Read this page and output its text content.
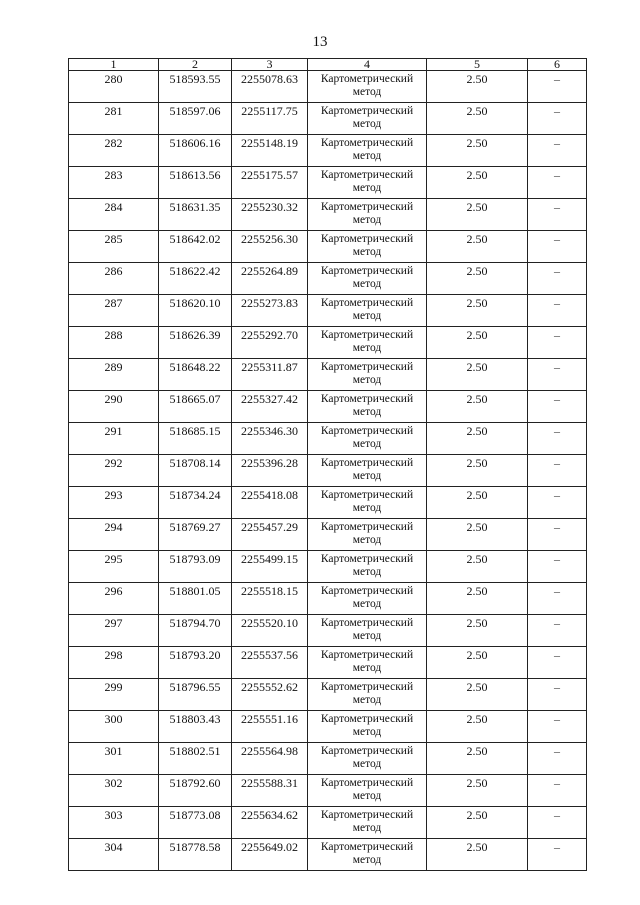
13
1	2	3	4	5	6
280	518593.55	2255078.63	Картометрический метод	2.50	–
281	518597.06	2255117.75	Картометрический метод	2.50	–
282	518606.16	2255148.19	Картометрический метод	2.50	–
283	518613.56	2255175.57	Картометрический метод	2.50	–
284	518631.35	2255230.32	Картометрический метод	2.50	–
285	518642.02	2255256.30	Картометрический метод	2.50	–
286	518622.42	2255264.89	Картометрический метод	2.50	–
287	518620.10	2255273.83	Картометрический метод	2.50	–
288	518626.39	2255292.70	Картометрический метод	2.50	–
289	518648.22	2255311.87	Картометрический метод	2.50	–
290	518665.07	2255327.42	Картометрический метод	2.50	–
291	518685.15	2255346.30	Картометрический метод	2.50	–
292	518708.14	2255396.28	Картометрический метод	2.50	–
293	518734.24	2255418.08	Картометрический метод	2.50	–
294	518769.27	2255457.29	Картометрический метод	2.50	–
295	518793.09	2255499.15	Картометрический метод	2.50	–
296	518801.05	2255518.15	Картометрический метод	2.50	–
297	518794.70	2255520.10	Картометрический метод	2.50	–
298	518793.20	2255537.56	Картометрический метод	2.50	–
299	518796.55	2255552.62	Картометрический метод	2.50	–
300	518803.43	2255551.16	Картометрический метод	2.50	–
301	518802.51	2255564.98	Картометрический метод	2.50	–
302	518792.60	2255588.31	Картометрический метод	2.50	–
303	518773.08	2255634.62	Картометрический метод	2.50	–
304	518778.58	2255649.02	Картометрический метод	2.50	–
